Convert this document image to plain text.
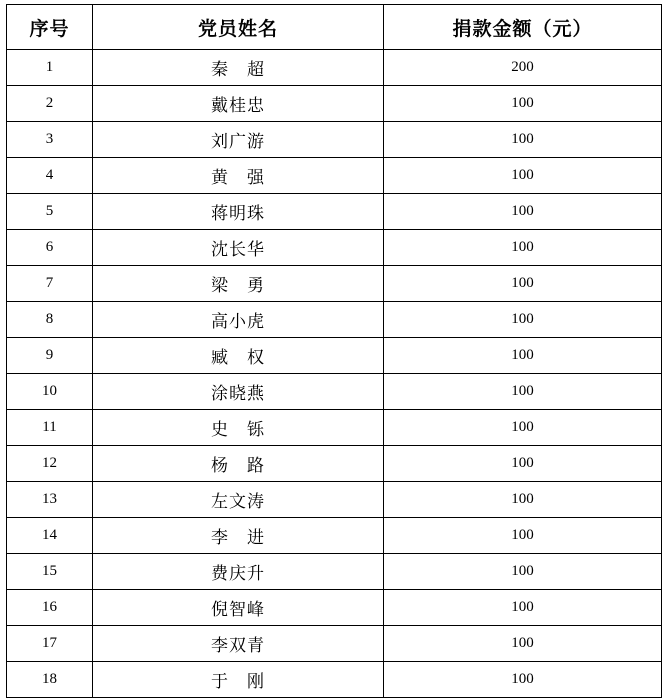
序号	党员姓名	捐款金额（元）
1	秦　超	200
2	戴桂忠	100
3	刘广游	100
4	黄　强	100
5	蒋明珠	100
6	沈长华	100
7	梁　勇	100
8	高小虎	100
9	臧　权	100
10	涂晓燕	100
11	史　铄	100
12	杨　路	100
13	左文涛	100
14	李　进	100
15	费庆升	100
16	倪智峰	100
17	李双青	100
18	于　刚	100
